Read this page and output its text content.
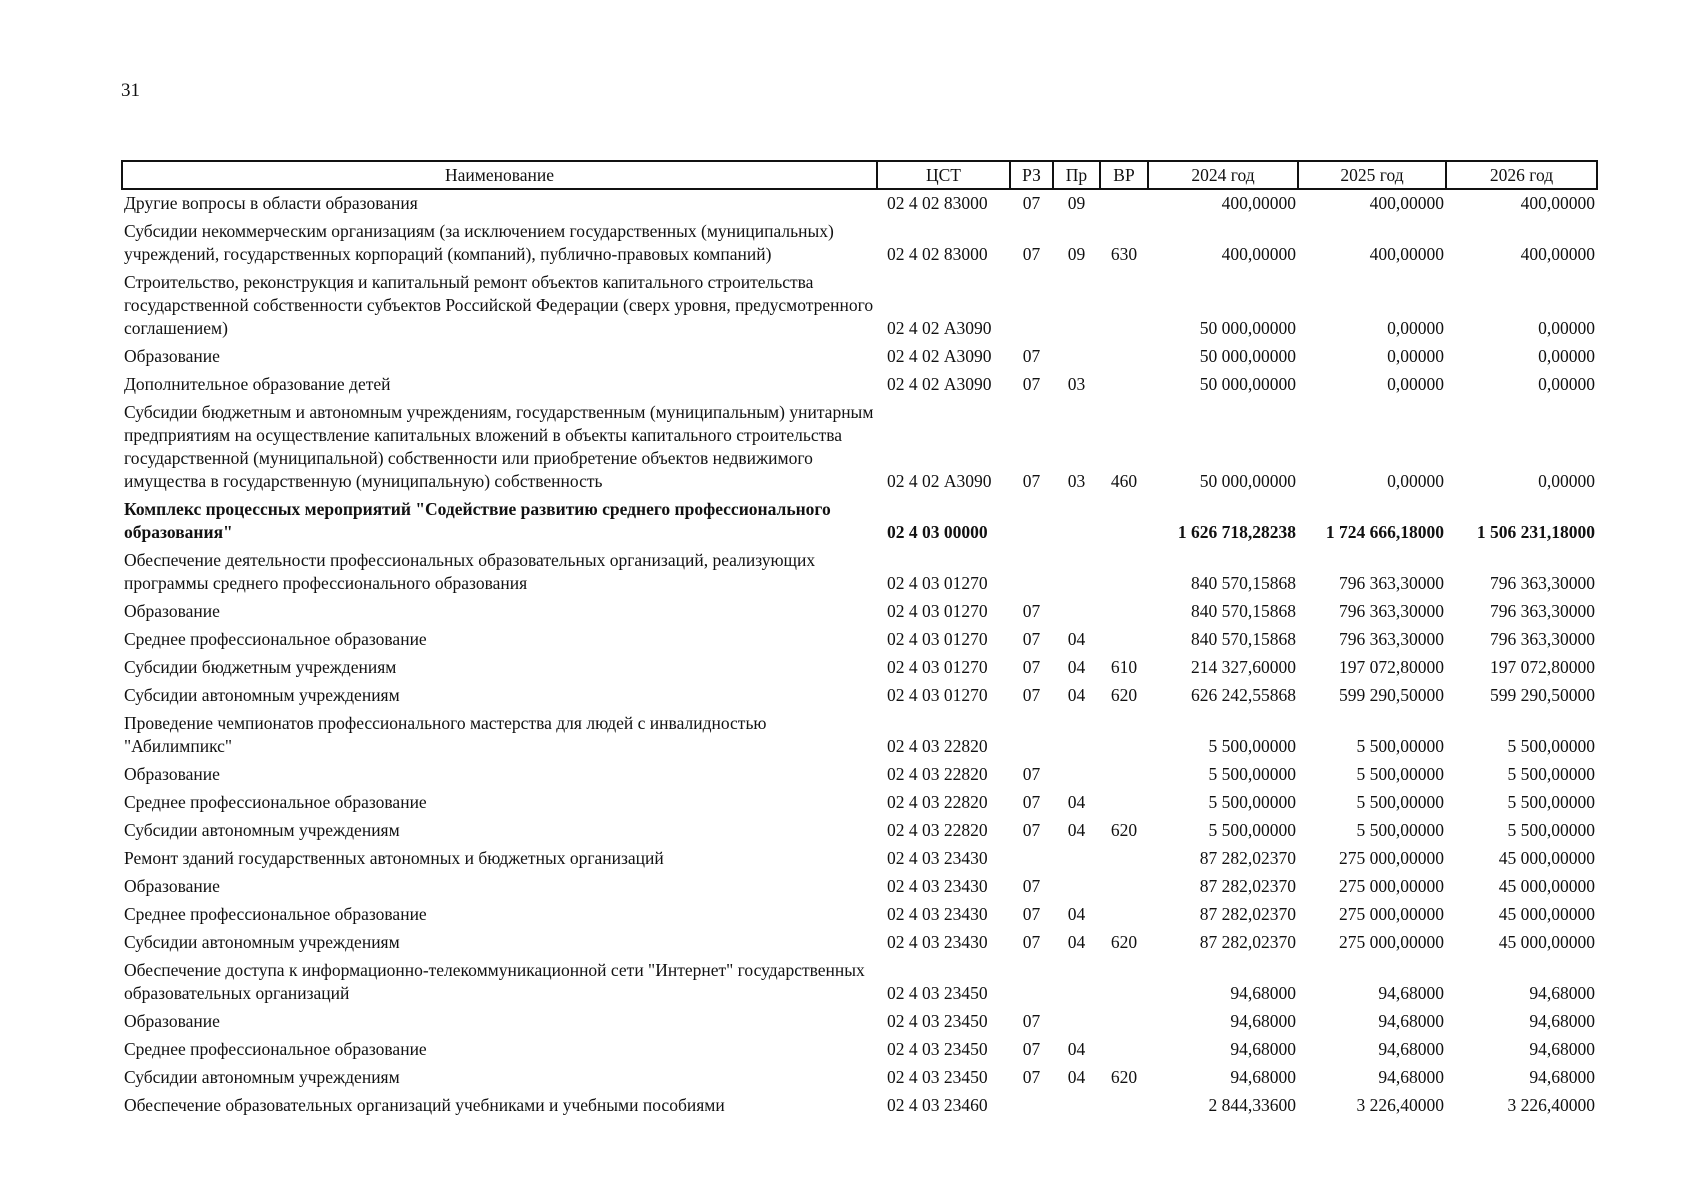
31
Наименование	ЦСТ	РЗ	Пр	ВР	2024 год	2025 год	2026 год
Другие вопросы в области образования	02 4 02 83000	07	09		400,00000	400,00000	400,00000
Субсидии некоммерческим организациям (за исключением государственных (муниципальных) учреждений, государственных корпораций (компаний), публично-правовых компаний)	02 4 02 83000	07	09	630	400,00000	400,00000	400,00000
Строительство, реконструкция и капитальный ремонт объектов капитального строительства государственной собственности субъектов Российской Федерации (сверх уровня, предусмотренного соглашением)	02 4 02 А3090				50 000,00000	0,00000	0,00000
Образование	02 4 02 А3090	07			50 000,00000	0,00000	0,00000
Дополнительное образование детей	02 4 02 А3090	07	03		50 000,00000	0,00000	0,00000
Субсидии бюджетным и автономным учреждениям, государственным (муниципальным) унитарным предприятиям на осуществление капитальных вложений в объекты капитального строительства государственной (муниципальной) собственности или приобретение объектов недвижимого имущества в государственную (муниципальную) собственность	02 4 02 А3090	07	03	460	50 000,00000	0,00000	0,00000
Комплекс процессных мероприятий "Содействие развитию среднего профессионального образования"	02 4 03 00000				1 626 718,28238	1 724 666,18000	1 506 231,18000
Обеспечение деятельности профессиональных образовательных организаций, реализующих программы среднего профессионального образования	02 4 03 01270				840 570,15868	796 363,30000	796 363,30000
Образование	02 4 03 01270	07			840 570,15868	796 363,30000	796 363,30000
Среднее профессиональное образование	02 4 03 01270	07	04		840 570,15868	796 363,30000	796 363,30000
Субсидии бюджетным учреждениям	02 4 03 01270	07	04	610	214 327,60000	197 072,80000	197 072,80000
Субсидии автономным учреждениям	02 4 03 01270	07	04	620	626 242,55868	599 290,50000	599 290,50000
Проведение чемпионатов профессионального мастерства для людей с инвалидностью "Абилимпикс"	02 4 03 22820				5 500,00000	5 500,00000	5 500,00000
Образование	02 4 03 22820	07			5 500,00000	5 500,00000	5 500,00000
Среднее профессиональное образование	02 4 03 22820	07	04		5 500,00000	5 500,00000	5 500,00000
Субсидии автономным учреждениям	02 4 03 22820	07	04	620	5 500,00000	5 500,00000	5 500,00000
Ремонт зданий государственных автономных и бюджетных организаций	02 4 03 23430				87 282,02370	275 000,00000	45 000,00000
Образование	02 4 03 23430	07			87 282,02370	275 000,00000	45 000,00000
Среднее профессиональное образование	02 4 03 23430	07	04		87 282,02370	275 000,00000	45 000,00000
Субсидии автономным учреждениям	02 4 03 23430	07	04	620	87 282,02370	275 000,00000	45 000,00000
Обеспечение доступа к информационно-телекоммуникационной сети "Интернет" государственных образовательных организаций	02 4 03 23450				94,68000	94,68000	94,68000
Образование	02 4 03 23450	07			94,68000	94,68000	94,68000
Среднее профессиональное образование	02 4 03 23450	07	04		94,68000	94,68000	94,68000
Субсидии автономным учреждениям	02 4 03 23450	07	04	620	94,68000	94,68000	94,68000
Обеспечение образовательных организаций учебниками и учебными пособиями	02 4 03 23460				2 844,33600	3 226,40000	3 226,40000
